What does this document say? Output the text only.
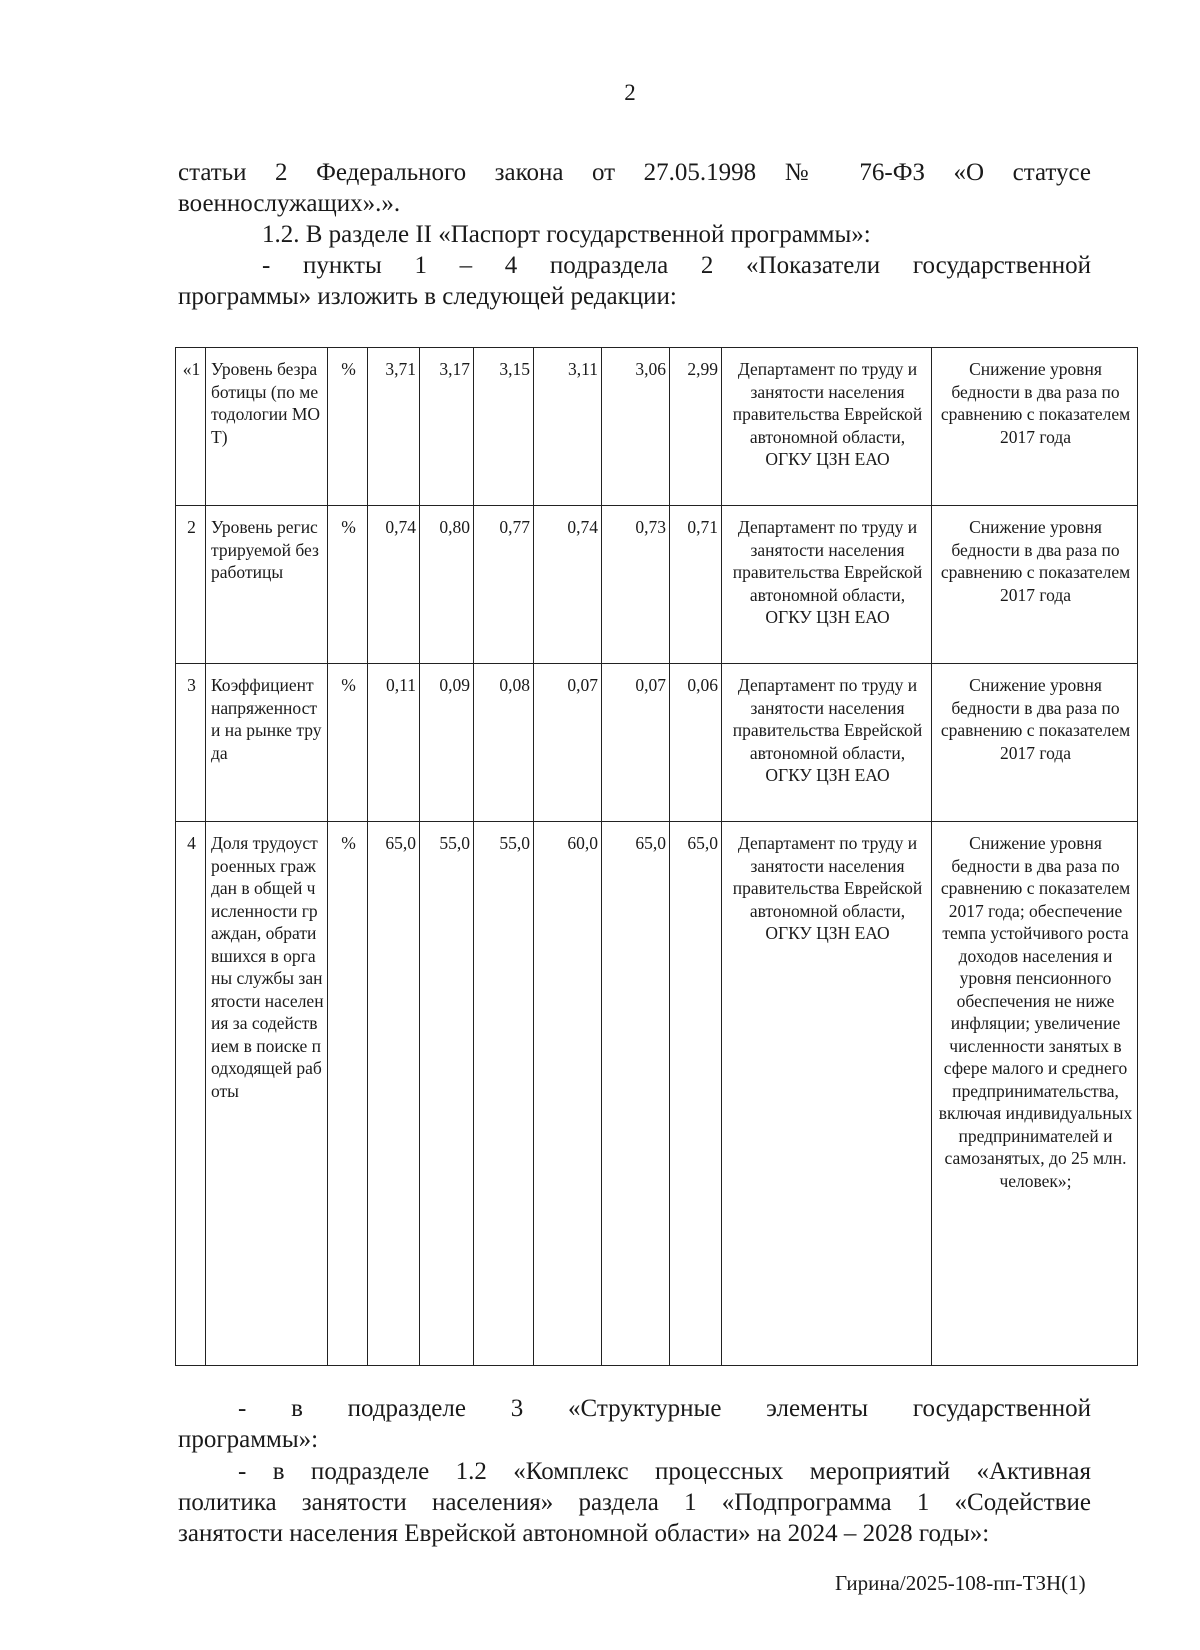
2
статьи 2 Федерального закона от 27.05.1998 № 76-ФЗ «О статусе
военнослужащих».».
1.2. В разделе II «Паспорт государственной программы»:
- пункты 1 – 4 подраздела 2 «Показатели государственной
программы» изложить в следующей редакции:
«1	Уровень безработицы (по методологии МОТ)	%	3,71	3,17	3,15	3,11	3,06	2,99	Департамент по труду и занятости населения правительства Еврейской автономной области, ОГКУ ЦЗН ЕАО	Снижение уровня бедности в два раза по сравнению с показателем 2017 года
2	Уровень регистрируемой безработицы	%	0,74	0,80	0,77	0,74	0,73	0,71	Департамент по труду и занятости населения правительства Еврейской автономной области, ОГКУ ЦЗН ЕАО	Снижение уровня бедности в два раза по сравнению с показателем 2017 года
3	Коэффициент напряженности на рынке труда	%	0,11	0,09	0,08	0,07	0,07	0,06	Департамент по труду и занятости населения правительства Еврейской автономной области, ОГКУ ЦЗН ЕАО	Снижение уровня бедности в два раза по сравнению с показателем 2017 года
4	Доля трудоустроенных граждан в общей численности граждан, обратившихся в органы службы занятости населения за содействием в поиске подходящей работы	%	65,0	55,0	55,0	60,0	65,0	65,0	Департамент по труду и занятости населения правительства Еврейской автономной области, ОГКУ ЦЗН ЕАО	Снижение уровня бедности в два раза по сравнению с показателем 2017 года; обеспечение темпа устойчивого роста доходов населения и уровня пенсионного обеспечения не ниже инфляции; увеличение численности занятых в сфере малого и среднего предпринимательства, включая индивидуальных предпринимателей и самозанятых, до 25 млн. человек»;
- в подразделе 3 «Структурные элементы государственной
программы»:
- в подразделе 1.2 «Комплекс процессных мероприятий «Активная
политика занятости населения» раздела 1 «Подпрограмма 1 «Содействие
занятости населения Еврейской автономной области» на 2024 – 2028 годы»:
Гирина/2025-108-пп-ТЗН(1)
